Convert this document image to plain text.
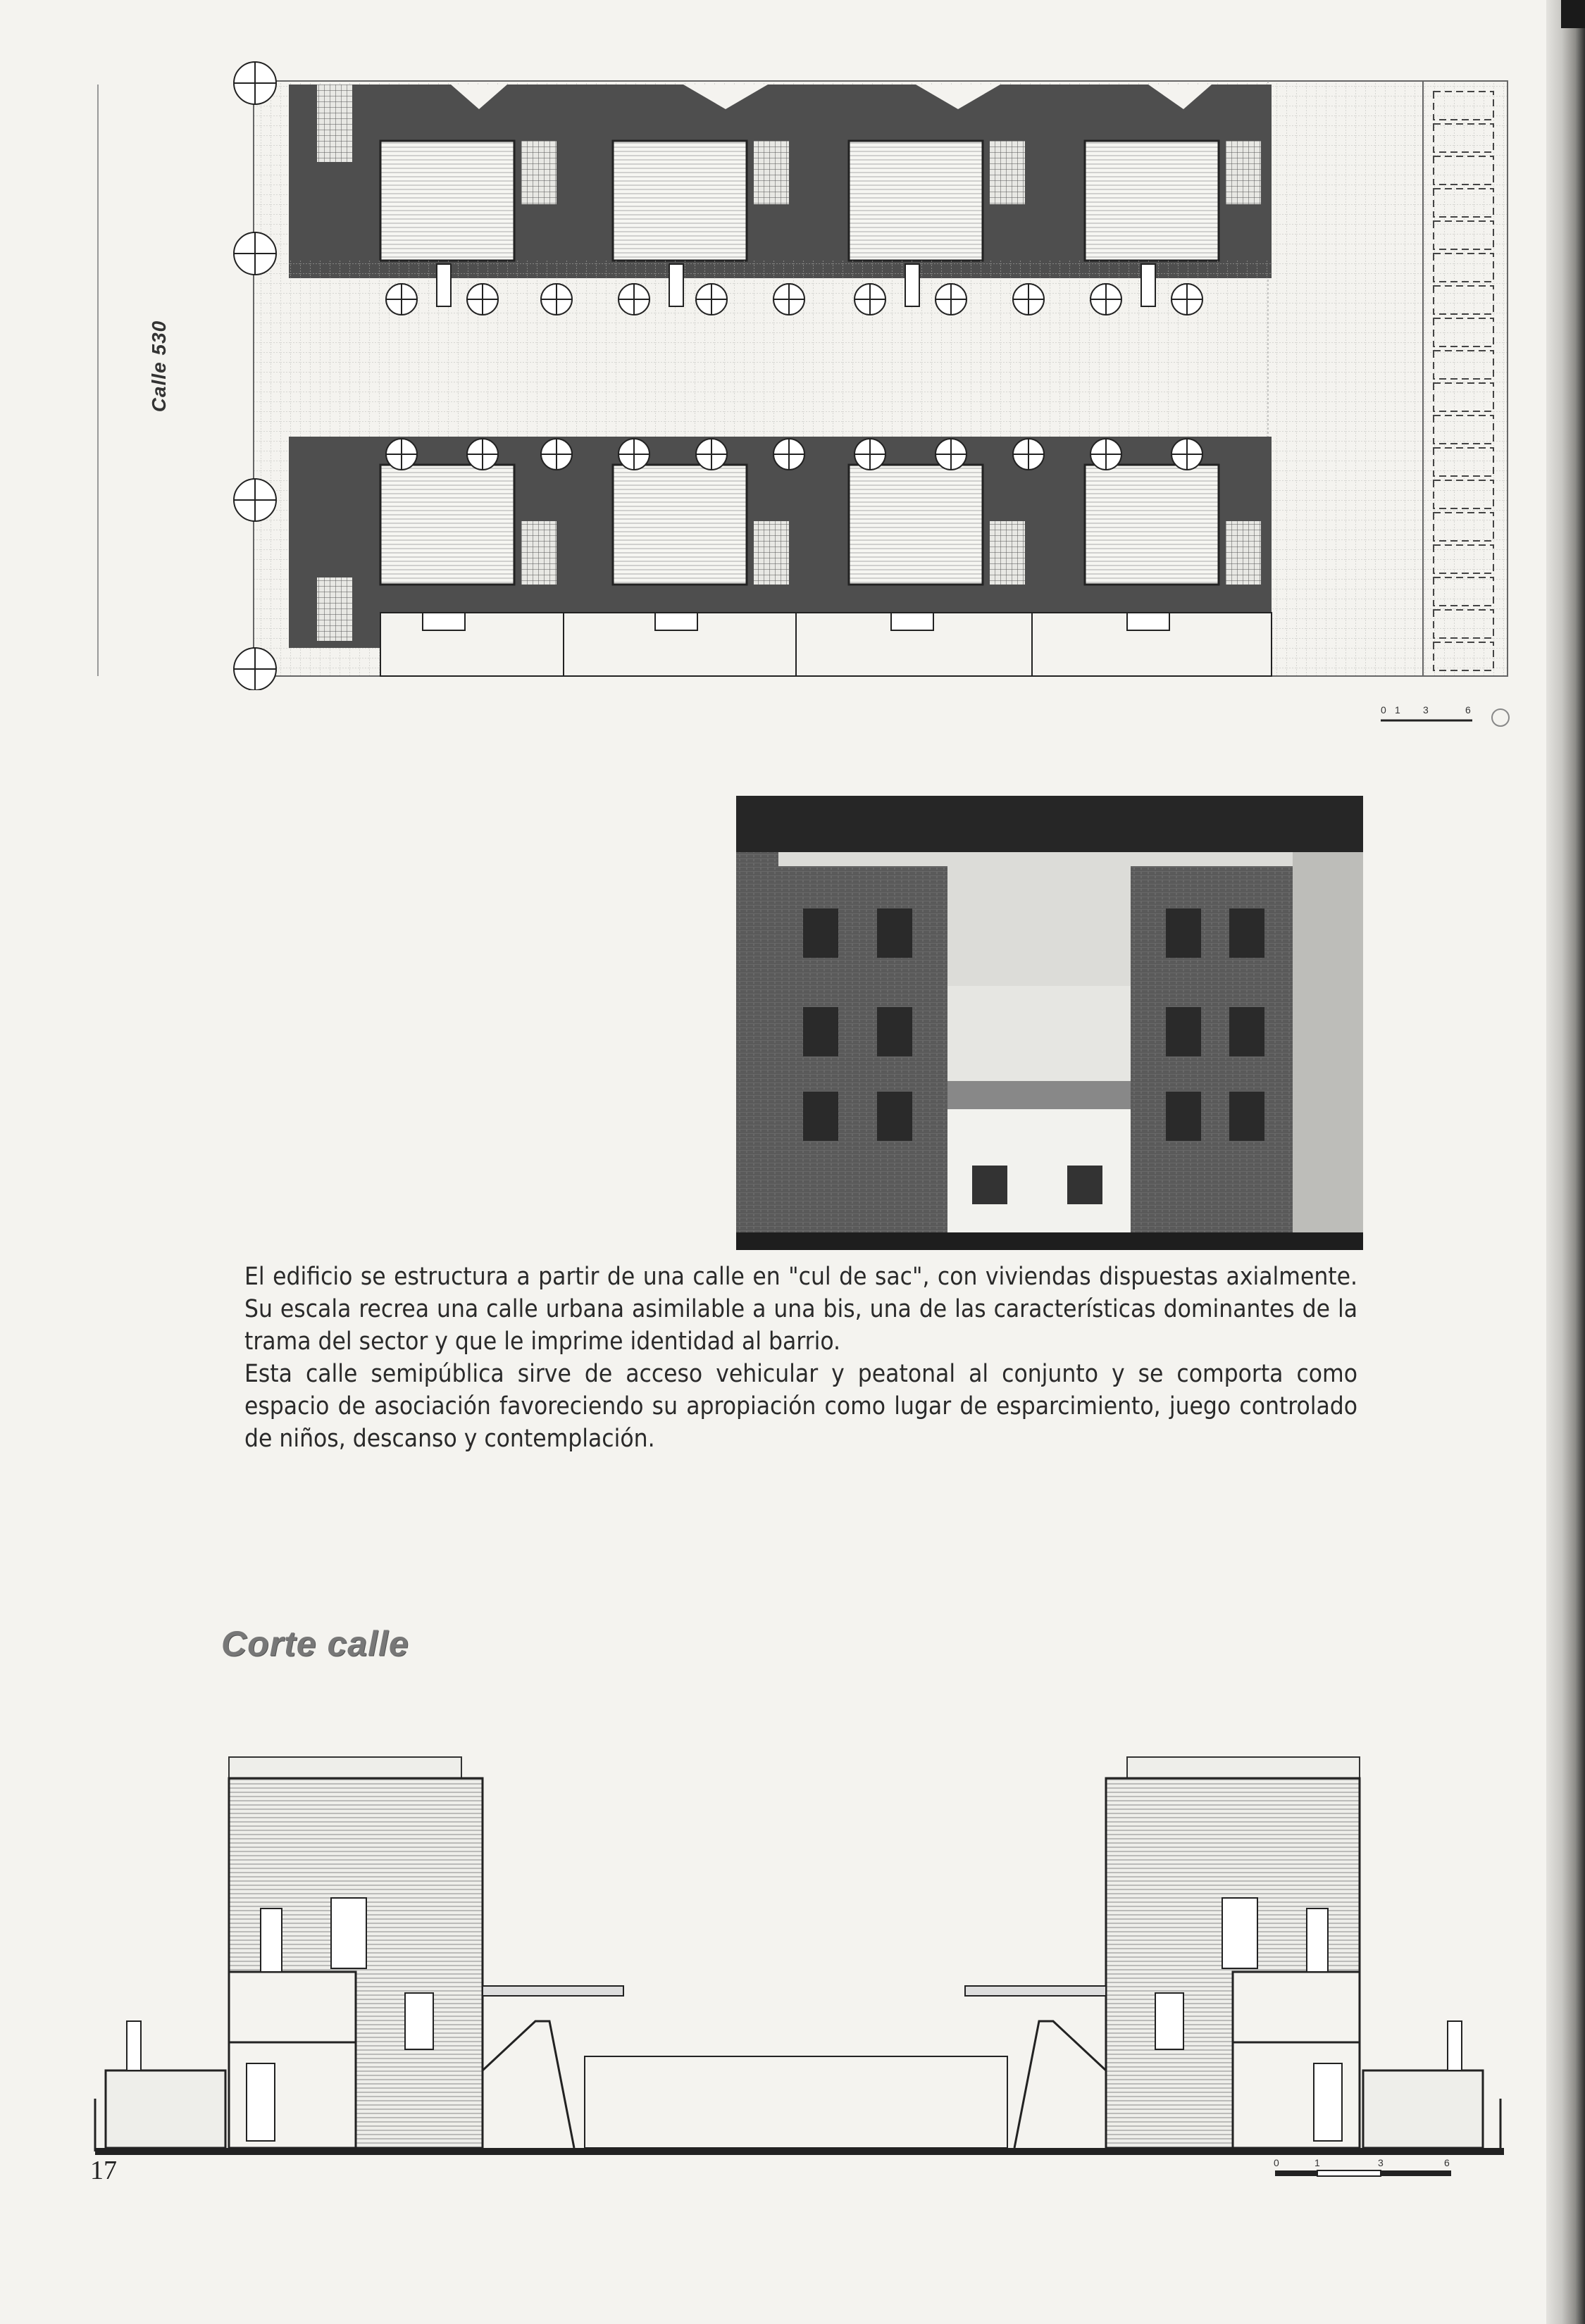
Calle 530
0 1 3	6

El edificio se estructura a partir de una calle en "cul de sac", con viviendas dispuestas axialmente. Su escala recrea una calle urbana asimilable a una bis, una de las características dominantes de la trama del sector y que le imprime identidad al barrio.

Esta calle semipública sirve de acceso vehicular y peatonal al conjunto y se comporta como espacio de asociación favoreciendo su apropiación como lugar de esparcimiento, juego controlado de niños, descanso y contemplación.

Corte calle
17	0	1	3	6
